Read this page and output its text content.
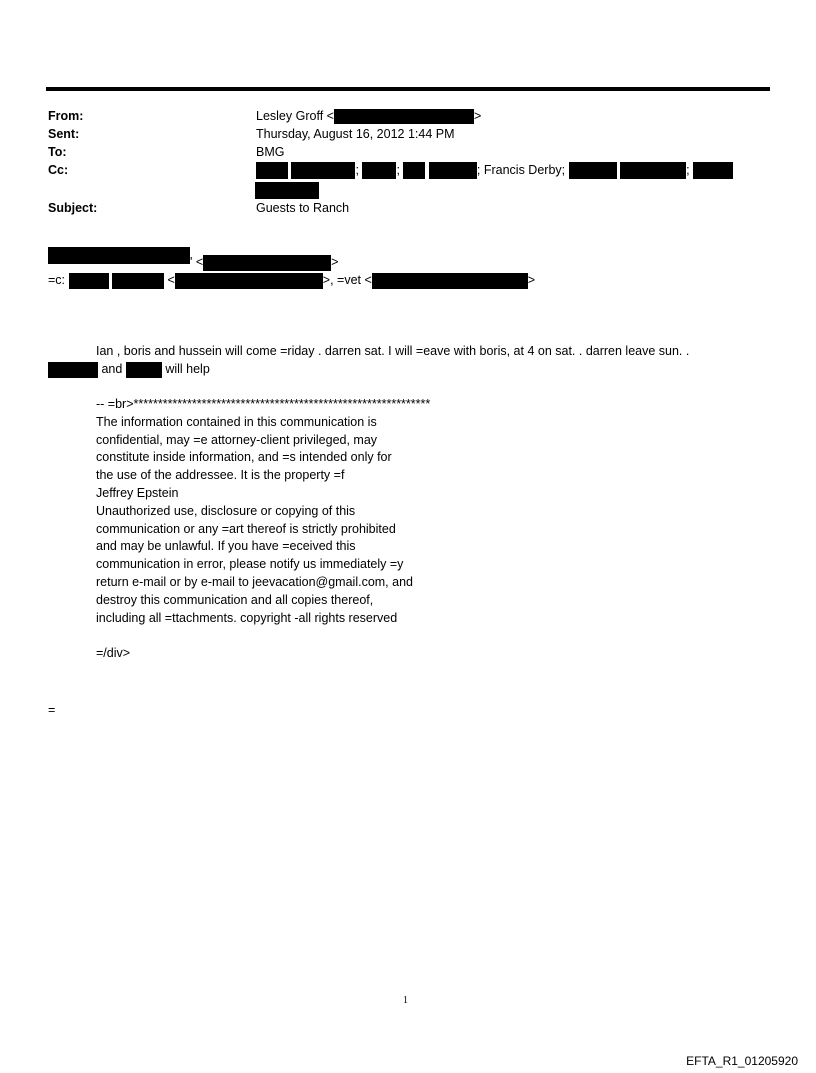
From:	Lesley Groff <	>
Sent:	Thursday, August 16, 2012 1:44 PM
To:	BMG
Cc:	;	;	; Francis Derby;	;
Subject:	Guests to Ranch
' <	>
=c:	<	>, =vet <	>
Ian , boris and hussein will come =riday . darren sat. I will =eave with boris, at 4 on sat. . darren leave sun. .
and	will help
-- =br>*************************************************************
The information contained in this communication is
confidential, may =e attorney-client privileged, may
constitute inside information, and =s intended only for
the use of the addressee. It is the property =f
Jeffrey Epstein
Unauthorized use, disclosure or copying of this
communication or any =art thereof is strictly prohibited
and may be unlawful. If you have =eceived this
communication in error, please notify us immediately =y
return e-mail or by e-mail to jeevacation@gmail.com, and
destroy this communication and all copies thereof,
including all =ttachments. copyright -all rights reserved
=/div>
=
1
EFTA_R1_01205920
